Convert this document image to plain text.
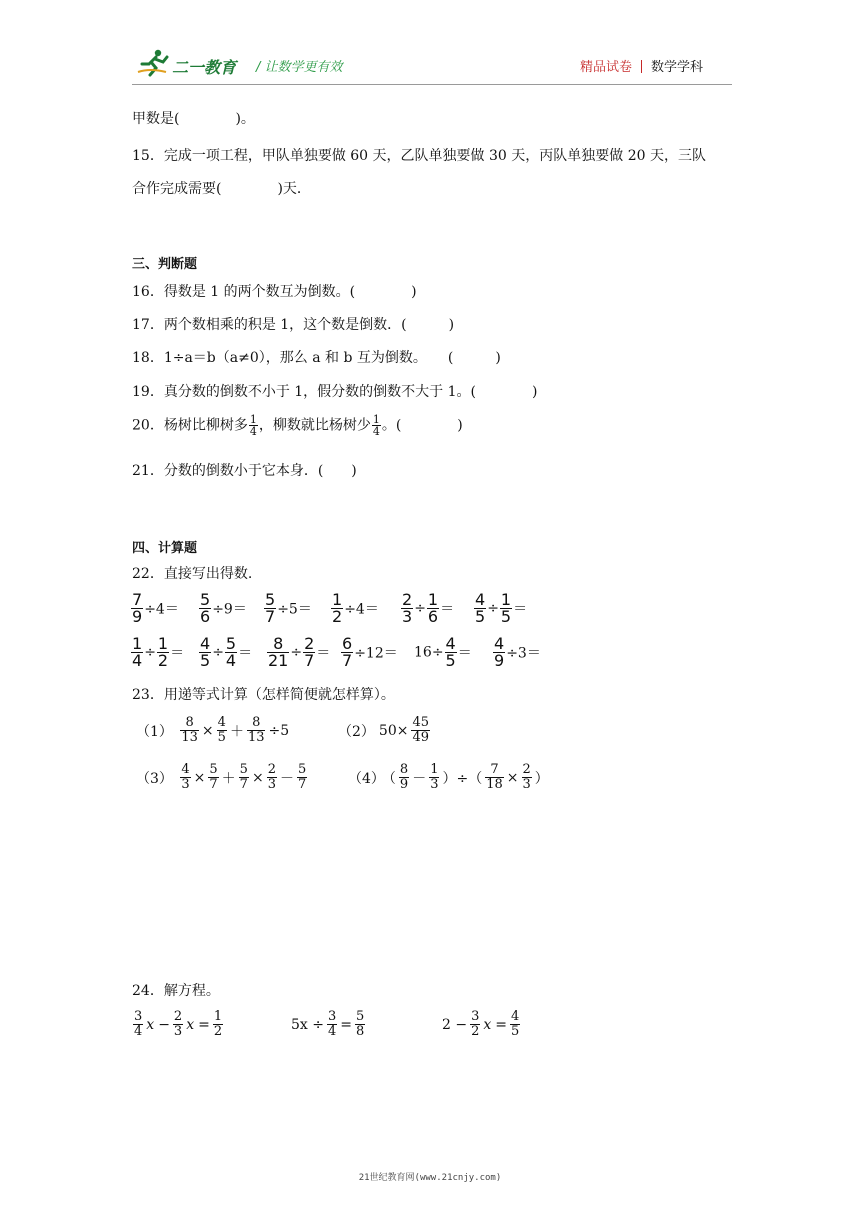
二一教育 / 让数学更有效	精品试卷 数学学科
甲数是(　　　　)。
15．完成一项工程，甲队单独要做 60 天，乙队单独要做 30 天，丙队单独要做 20 天，三队
合作完成需要(　　　　)天．
三、判断题
16．得数是 1 的两个数互为倒数。(　　　　)
17．两个数相乘的积是 1，这个数是倒数．(　　　)
18．1÷a＝b（a≠0），那么 a 和 b 互为倒数。　　(　　　)
19．真分数的倒数不小于 1，假分数的倒数不大于 1。(　　　　)
20．杨树比柳树多 $\frac{1}{4}$ ，柳数就比杨树少 $\frac{1}{4}$ 。(　　　　)
21．分数的倒数小于它本身．(　　)
四、计算题
22．直接写出得数.
$\frac{7}{9} \div 4= \frac{5}{6} \div 9= \frac{5}{7} \div 5= \frac{1}{2} \div 4= \frac{2}{3} \div \frac{1}{6} = \frac{4}{5} \div \frac{1}{5}$ ＝
$\frac{1}{4} \div \frac{1}{2} = \frac{4}{5} \div \frac{5}{4} = \frac{8}{21} \div \frac{2}{7} = \frac{6}{7} \div 12= 16\div \frac{4}{5} = \frac{4}{9} \div 3=$
23．用递等式计算（怎样简便就怎样算）。
$(1) \frac{8}{13} \times \frac{4}{5} + \frac{8}{13} \div 5$	（2） $50\times \frac{45}{49}$
$(3) \frac{4}{3} \times \frac{5}{7} + \frac{5}{7} \times \frac{2}{3} - \frac{5}{7}$	（4） （ $\frac{8}{9} - \frac{1}{3}$ ）÷（ $\frac{7}{18} \times \frac{2}{3}$ ）
24．解方程。
$\frac{3}{4}$ $x - \frac{2}{3}$ $x = \frac{1}{2}$	$5x \div \frac{3}{4} = \frac{5}{8}$	$2 - \frac{3}{2}$ $x = \frac{4}{5}$
21世纪教育网(www.21cnjy.com)
